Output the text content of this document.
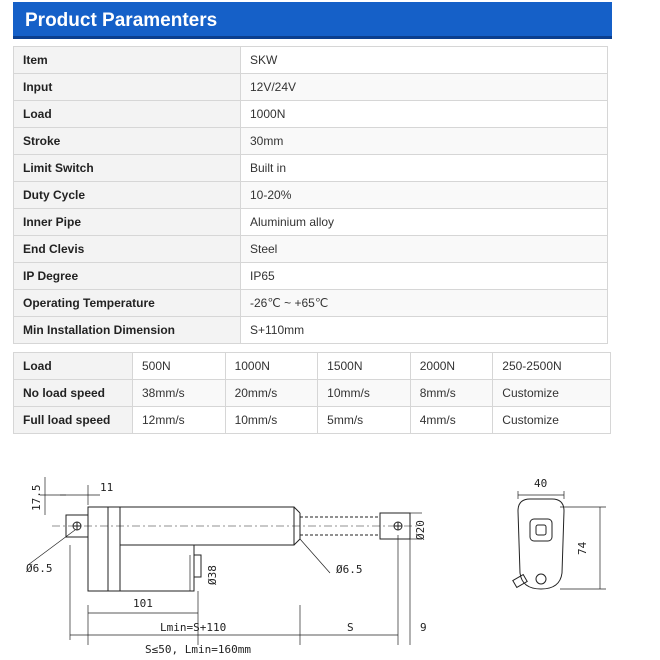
Product Paramenters
Item	SKW
Input	12V/24V
Load	1000N
Stroke	30mm
Limit Switch	Built in
Duty Cycle	10-20%
Inner Pipe	Aluminium alloy
End Clevis	Steel
IP Degree	IP65
Operating Temperature	-26℃ ~ +65℃
Min Installation Dimension	S+110mm
Load	500N	1000N	1500N	2000N	250-2500N
No load speed	38mm/s	20mm/s	10mm/s	8mm/s	Customize
Full load speed	12mm/s	10mm/s	5mm/s	4mm/s	Customize
17.5	11
Ø6.5	Ø38	Ø6.5
Ø20
101
Lmin=S+110	S	9
S≤50, Lmin=160mm
40
74
